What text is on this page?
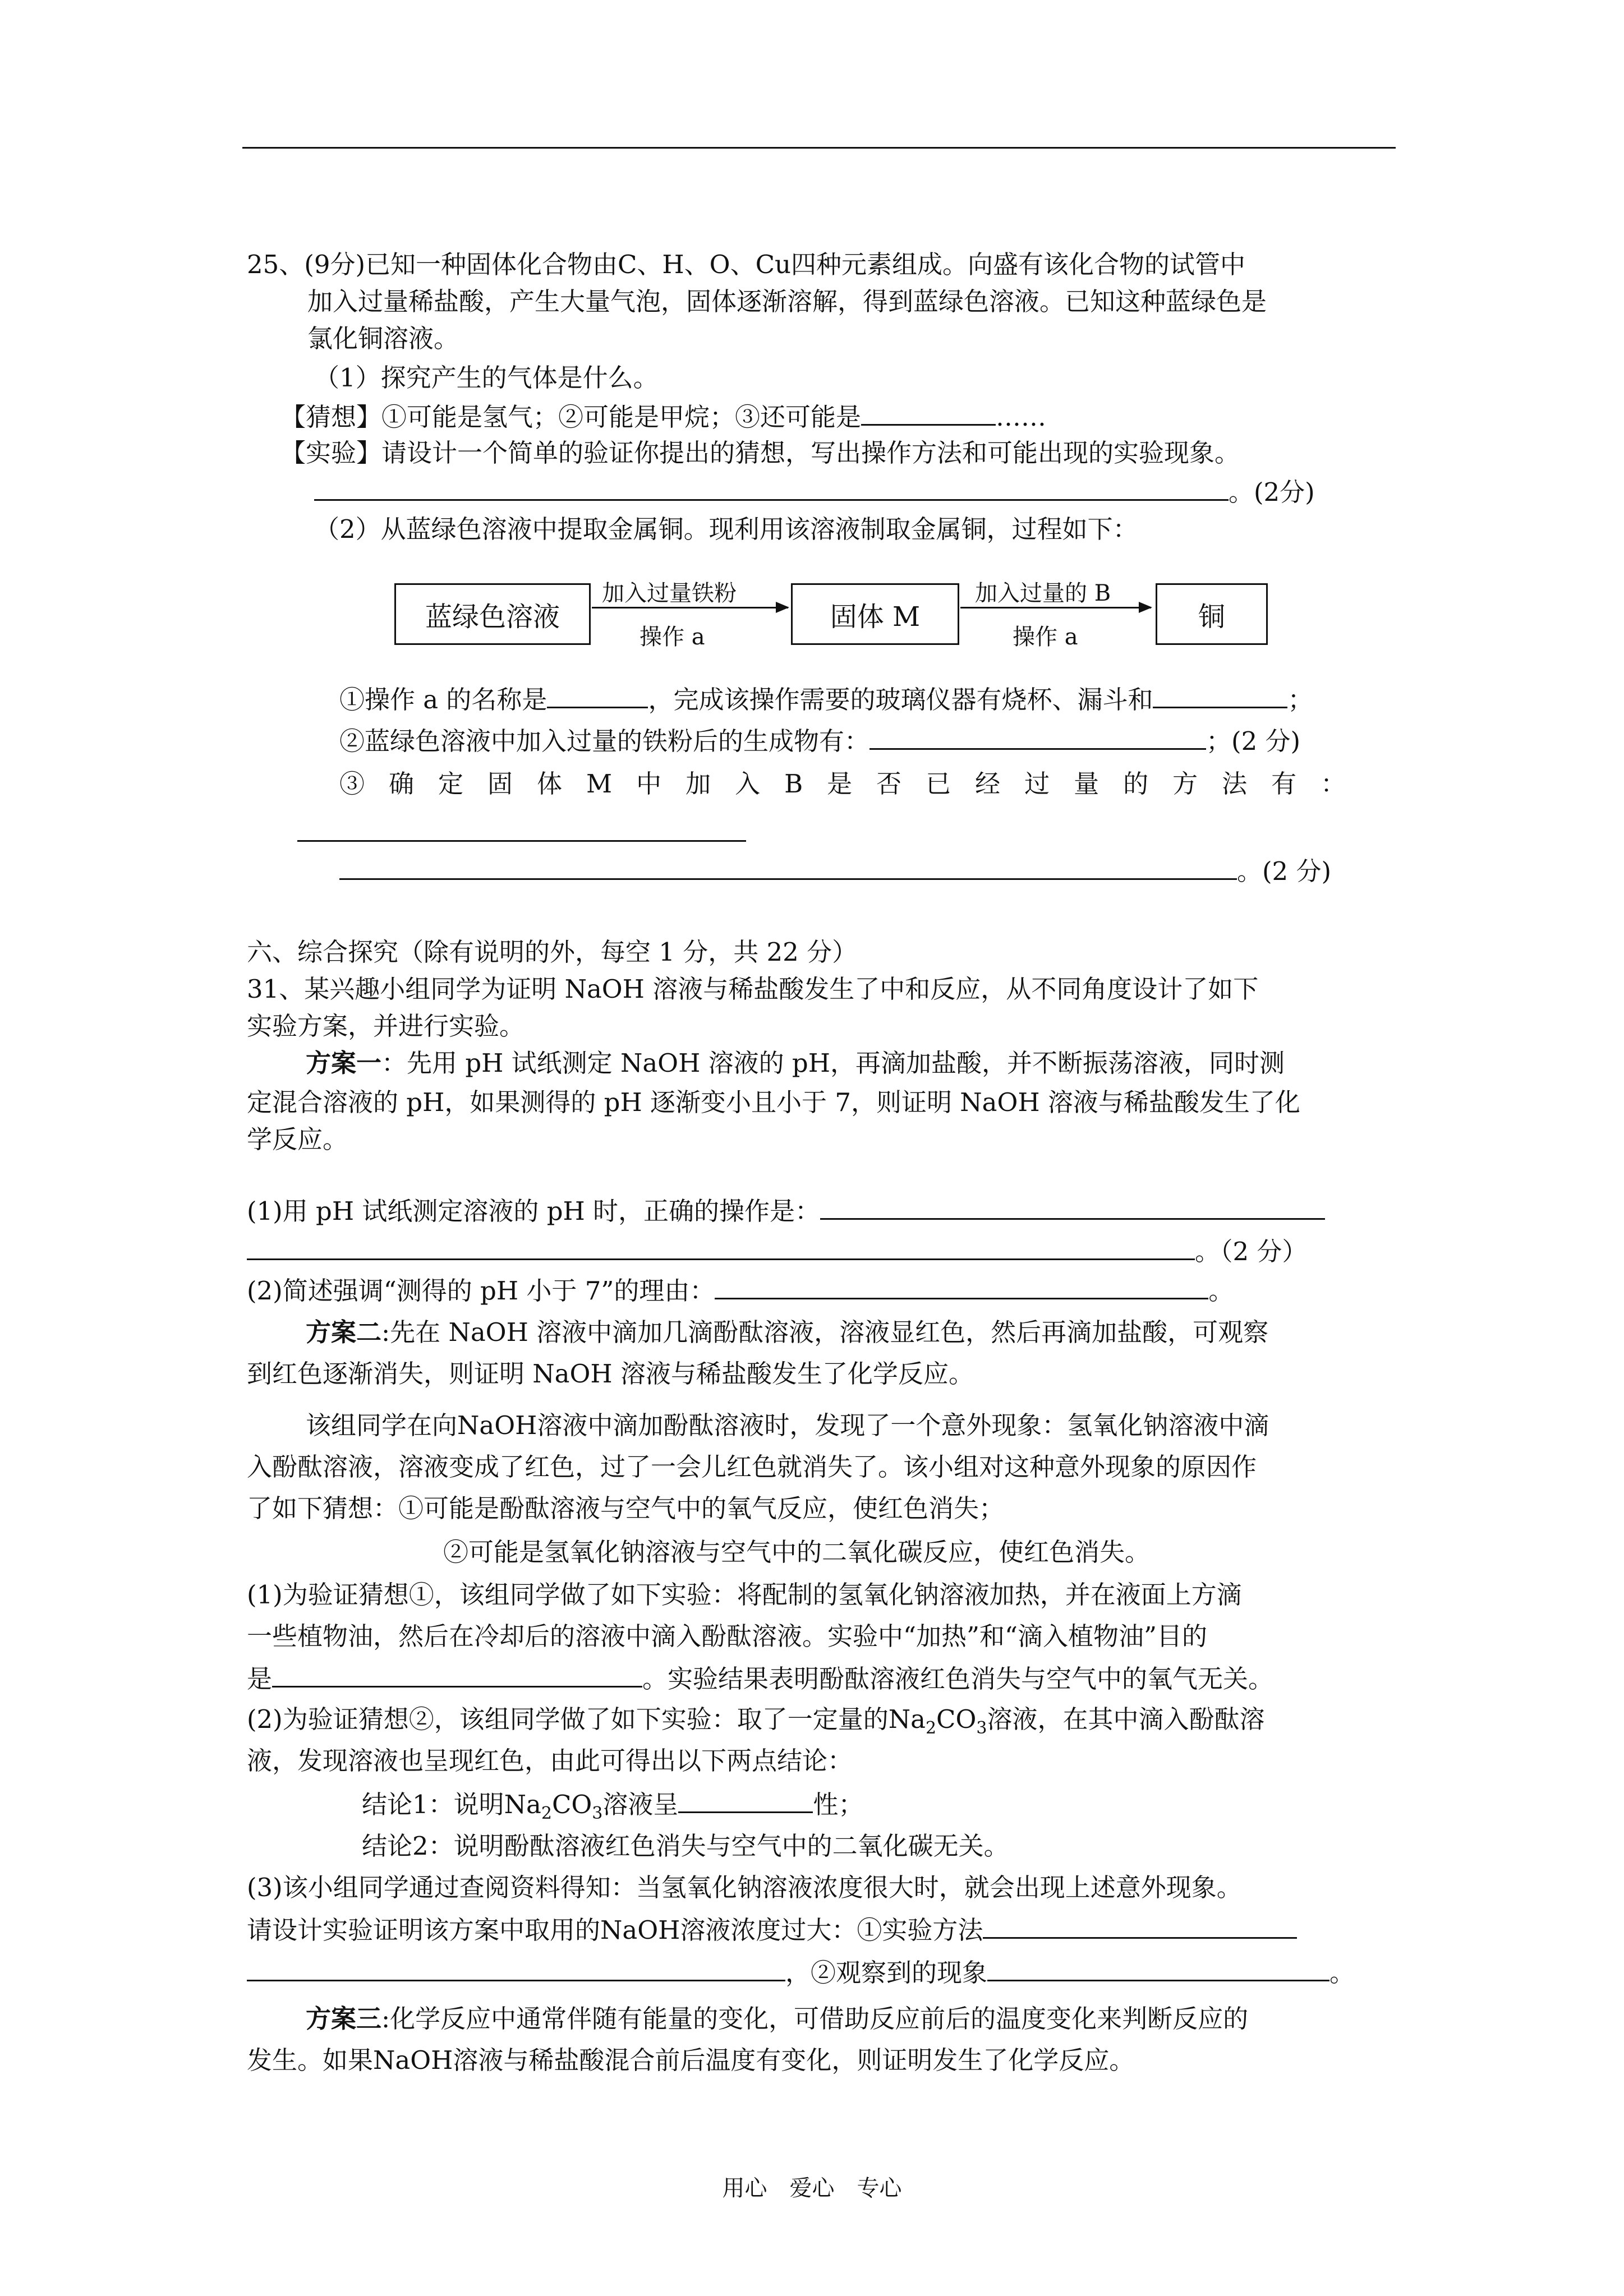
25、(9分)已知一种固体化合物由C、H、O、Cu四种元素组成。向盛有该化合物的试管中
加入过量稀盐酸，产生大量气泡，固体逐渐溶解，得到蓝绿色溶液。已知这种蓝绿色是
氯化铜溶液。
（1）探究产生的气体是什么。
【猜想】①可能是氢气；②可能是甲烷；③还可能是	……
【实验】请设计一个简单的验证你提出的猜想，写出操作方法和可能出现的实验现象。
。(2分)
（2）从蓝绿色溶液中提取金属铜。现利用该溶液制取金属铜，过程如下：
蓝绿色溶液
加入过量铁粉
操作 a
固体 M
加入过量的 B
操作 a
铜
①操作 a 的名称是	，完成该操作需要的玻璃仪器有烧杯、漏斗和	；
②蓝绿色溶液中加入过量的铁粉后的生成物有：	；(2 分)
③确定固体M中加入B是否已经过量的方法有：
。(2 分)
六、综合探究（除有说明的外，每空 1 分，共 22 分）
31、某兴趣小组同学为证明 NaOH 溶液与稀盐酸发生了中和反应，从不同角度设计了如下
实验方案，并进行实验。
方案一：先用 pH 试纸测定 NaOH 溶液的 pH，再滴加盐酸，并不断振荡溶液，同时测
定混合溶液的 pH，如果测得的 pH 逐渐变小且小于 7，则证明 NaOH 溶液与稀盐酸发生了化
学反应。
(1)用 pH 试纸测定溶液的 pH 时，正确的操作是：
。（2 分）
(2)简述强调“测得的 pH 小于 7”的理由：	。
方案二:先在 NaOH 溶液中滴加几滴酚酞溶液，溶液显红色，然后再滴加盐酸，可观察
到红色逐渐消失，则证明 NaOH 溶液与稀盐酸发生了化学反应。
该组同学在向NaOH溶液中滴加酚酞溶液时，发现了一个意外现象：氢氧化钠溶液中滴
入酚酞溶液，溶液变成了红色，过了一会儿红色就消失了。该小组对这种意外现象的原因作
了如下猜想：①可能是酚酞溶液与空气中的氧气反应，使红色消失；
②可能是氢氧化钠溶液与空气中的二氧化碳反应，使红色消失。
(1)为验证猜想①，该组同学做了如下实验：将配制的氢氧化钠溶液加热，并在液面上方滴
一些植物油，然后在冷却后的溶液中滴入酚酞溶液。实验中“加热”和“滴入植物油”目的
是	。实验结果表明酚酞溶液红色消失与空气中的氧气无关。
(2)为验证猜想②，该组同学做了如下实验：取了一定量的$Na_2CO_3$溶液，在其中滴入酚酞溶
液，发现溶液也呈现红色，由此可得出以下两点结论：
结论1：说明$Na_2CO_3$溶液呈	性；
结论2：说明酚酞溶液红色消失与空气中的二氧化碳无关。
(3)该小组同学通过查阅资料得知：当氢氧化钠溶液浓度很大时，就会出现上述意外现象。
请设计实验证明该方案中取用的NaOH溶液浓度过大：①实验方法
，②观察到的现象	。
方案三:化学反应中通常伴随有能量的变化，可借助反应前后的温度变化来判断反应的
发生。如果NaOH溶液与稀盐酸混合前后温度有变化，则证明发生了化学反应。
用心　爱心　专心
